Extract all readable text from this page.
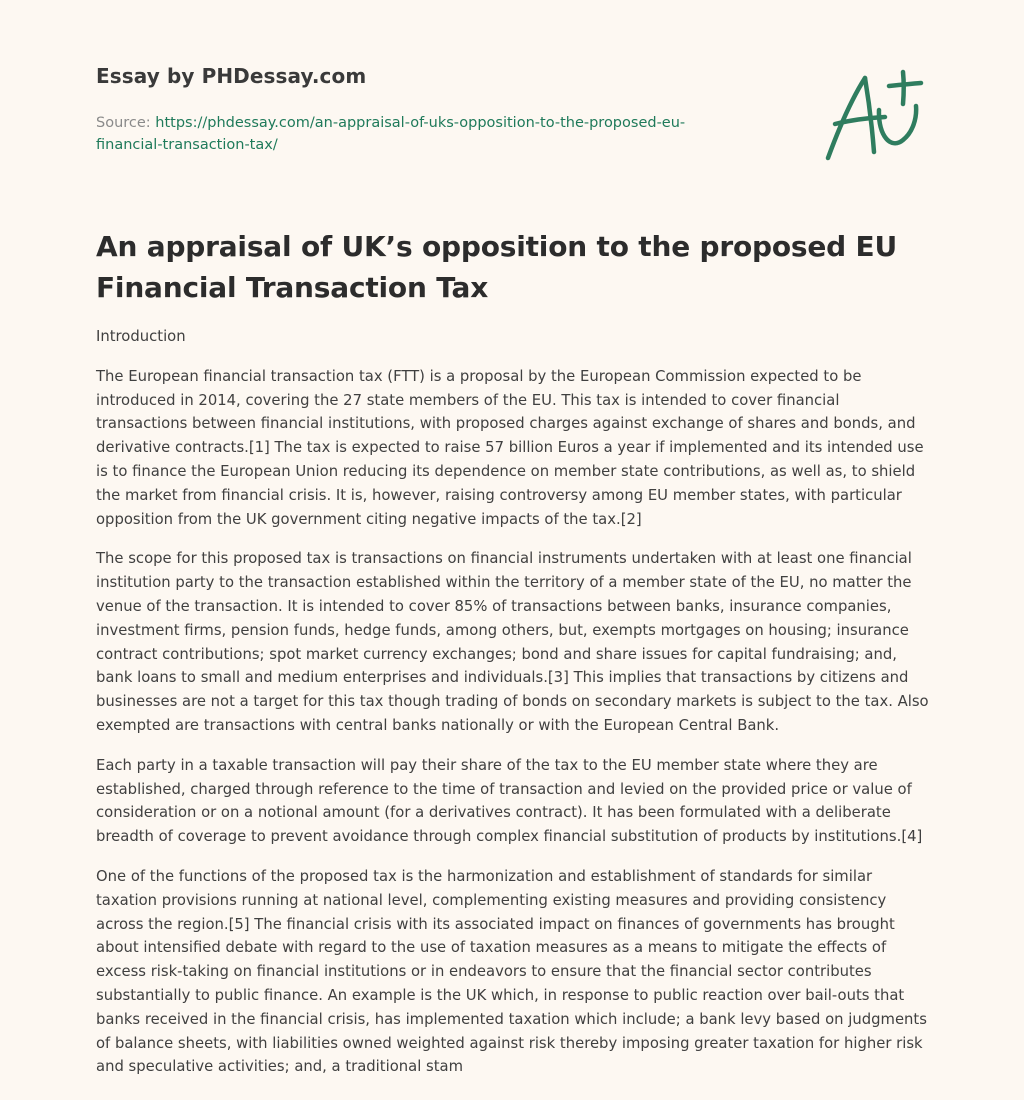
Essay by PHDessay.com
Source: https://phdessay.com/an-appraisal-of-uks-opposition-to-the-proposed-eu-financial-transaction-tax/
An appraisal of UK’s opposition to the proposed EU Financial Transaction Tax

Introduction

The European financial transaction tax (FTT) is a proposal by the European Commission expected to be introduced in 2014, covering the 27 state members of the EU. This tax is intended to cover financial transactions between financial institutions, with proposed charges against exchange of shares and bonds, and derivative contracts.[1] The tax is expected to raise 57 billion Euros a year if implemented and its intended use is to finance the European Union reducing its dependence on member state contributions, as well as, to shield the market from financial crisis. It is, however, raising controversy among EU member states, with particular opposition from the UK government citing negative impacts of the tax.[2]

The scope for this proposed tax is transactions on financial instruments undertaken with at least one financial institution party to the transaction established within the territory of a member state of the EU, no matter the venue of the transaction. It is intended to cover 85% of transactions between banks, insurance companies, investment firms, pension funds, hedge funds, among others, but, exempts mortgages on housing; insurance contract contributions; spot market currency exchanges; bond and share issues for capital fundraising; and, bank loans to small and medium enterprises and individuals.[3] This implies that transactions by citizens and businesses are not a target for this tax though trading of bonds on secondary markets is subject to the tax. Also exempted are transactions with central banks nationally or with the European Central Bank.

Each party in a taxable transaction will pay their share of the tax to the EU member state where they are established, charged through reference to the time of transaction and levied on the provided price or value of consideration or on a notional amount (for a derivatives contract). It has been formulated with a deliberate breadth of coverage to prevent avoidance through complex financial substitution of products by institutions.[4]

One of the functions of the proposed tax is the harmonization and establishment of standards for similar taxation provisions running at national level, complementing existing measures and providing consistency across the region.[5] The financial crisis with its associated impact on finances of governments has brought about intensified debate with regard to the use of taxation measures as a means to mitigate the effects of excess risk-taking on financial institutions or in endeavors to ensure that the financial sector contributes substantially to public finance. An example is the UK which, in response to public reaction over bail-outs that banks received in the financial crisis, has implemented taxation which include; a bank levy based on judgments of balance sheets, with liabilities owned weighted against risk thereby imposing greater taxation for higher risk and speculative activities; and, a traditional stam
